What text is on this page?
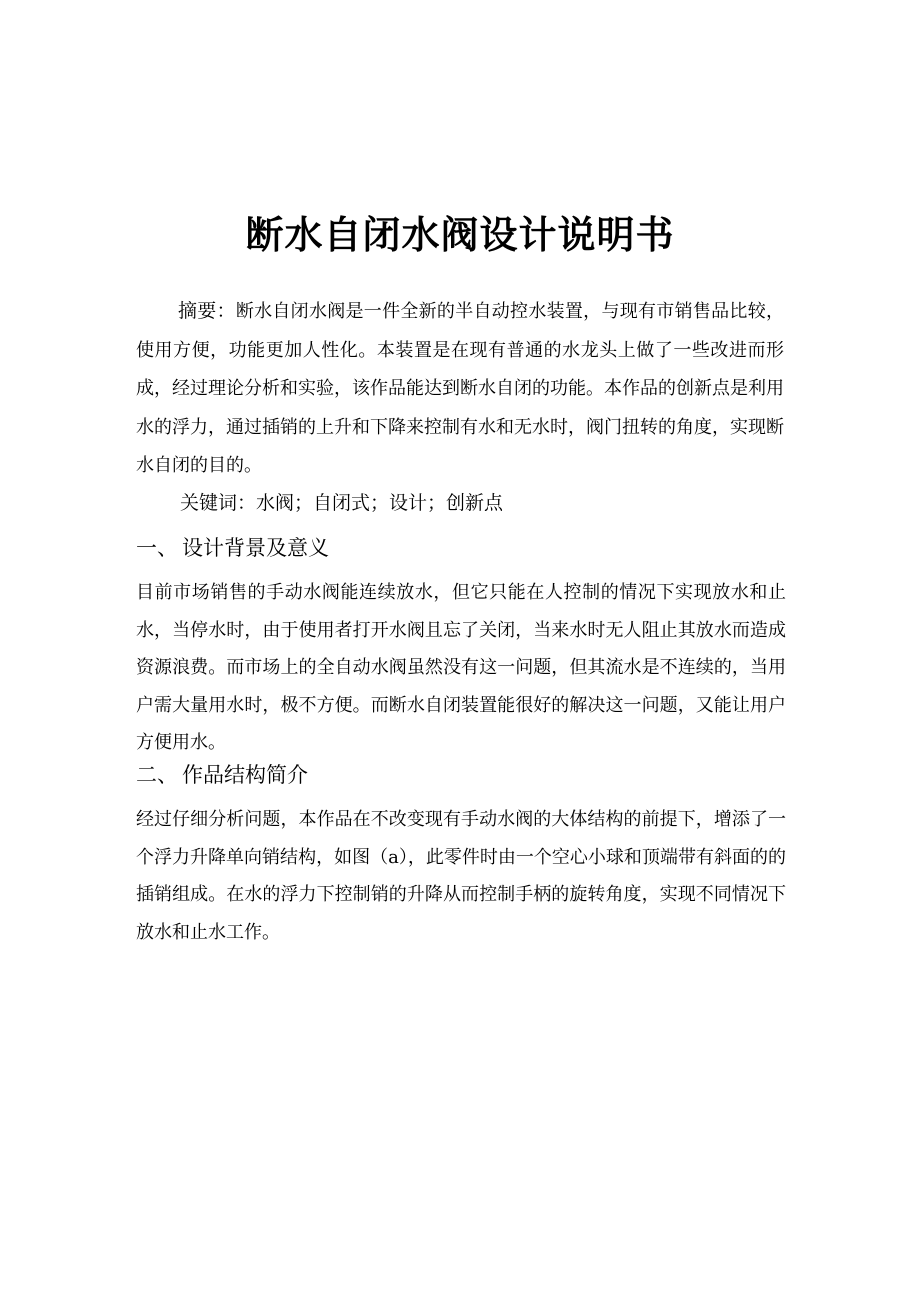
断水自闭水阀设计说明书

摘要：断水自闭水阀是一件全新的半自动控水装置，与现有市销售品比较，使用方便，功能更加人性化。本装置是在现有普通的水龙头上做了一些改进而形成，经过理论分析和实验，该作品能达到断水自闭的功能。本作品的创新点是利用水的浮力，通过插销的上升和下降来控制有水和无水时，阀门扭转的角度，实现断水自闭的目的。

关键词：水阀；自闭式；设计；创新点

一、 设计背景及意义

目前市场销售的手动水阀能连续放水，但它只能在人控制的情况下实现放水和止水，当停水时，由于使用者打开水阀且忘了关闭，当来水时无人阻止其放水而造成资源浪费。而市场上的全自动水阀虽然没有这一问题，但其流水是不连续的，当用户需大量用水时，极不方便。而断水自闭装置能很好的解决这一问题，又能让用户方便用水。

二、 作品结构简介

经过仔细分析问题，本作品在不改变现有手动水阀的大体结构的前提下，增添了一个浮力升降单向销结构，如图（a），此零件时由一个空心小球和顶端带有斜面的的插销组成。在水的浮力下控制销的升降从而控制手柄的旋转角度，实现不同情况下放水和止水工作。
